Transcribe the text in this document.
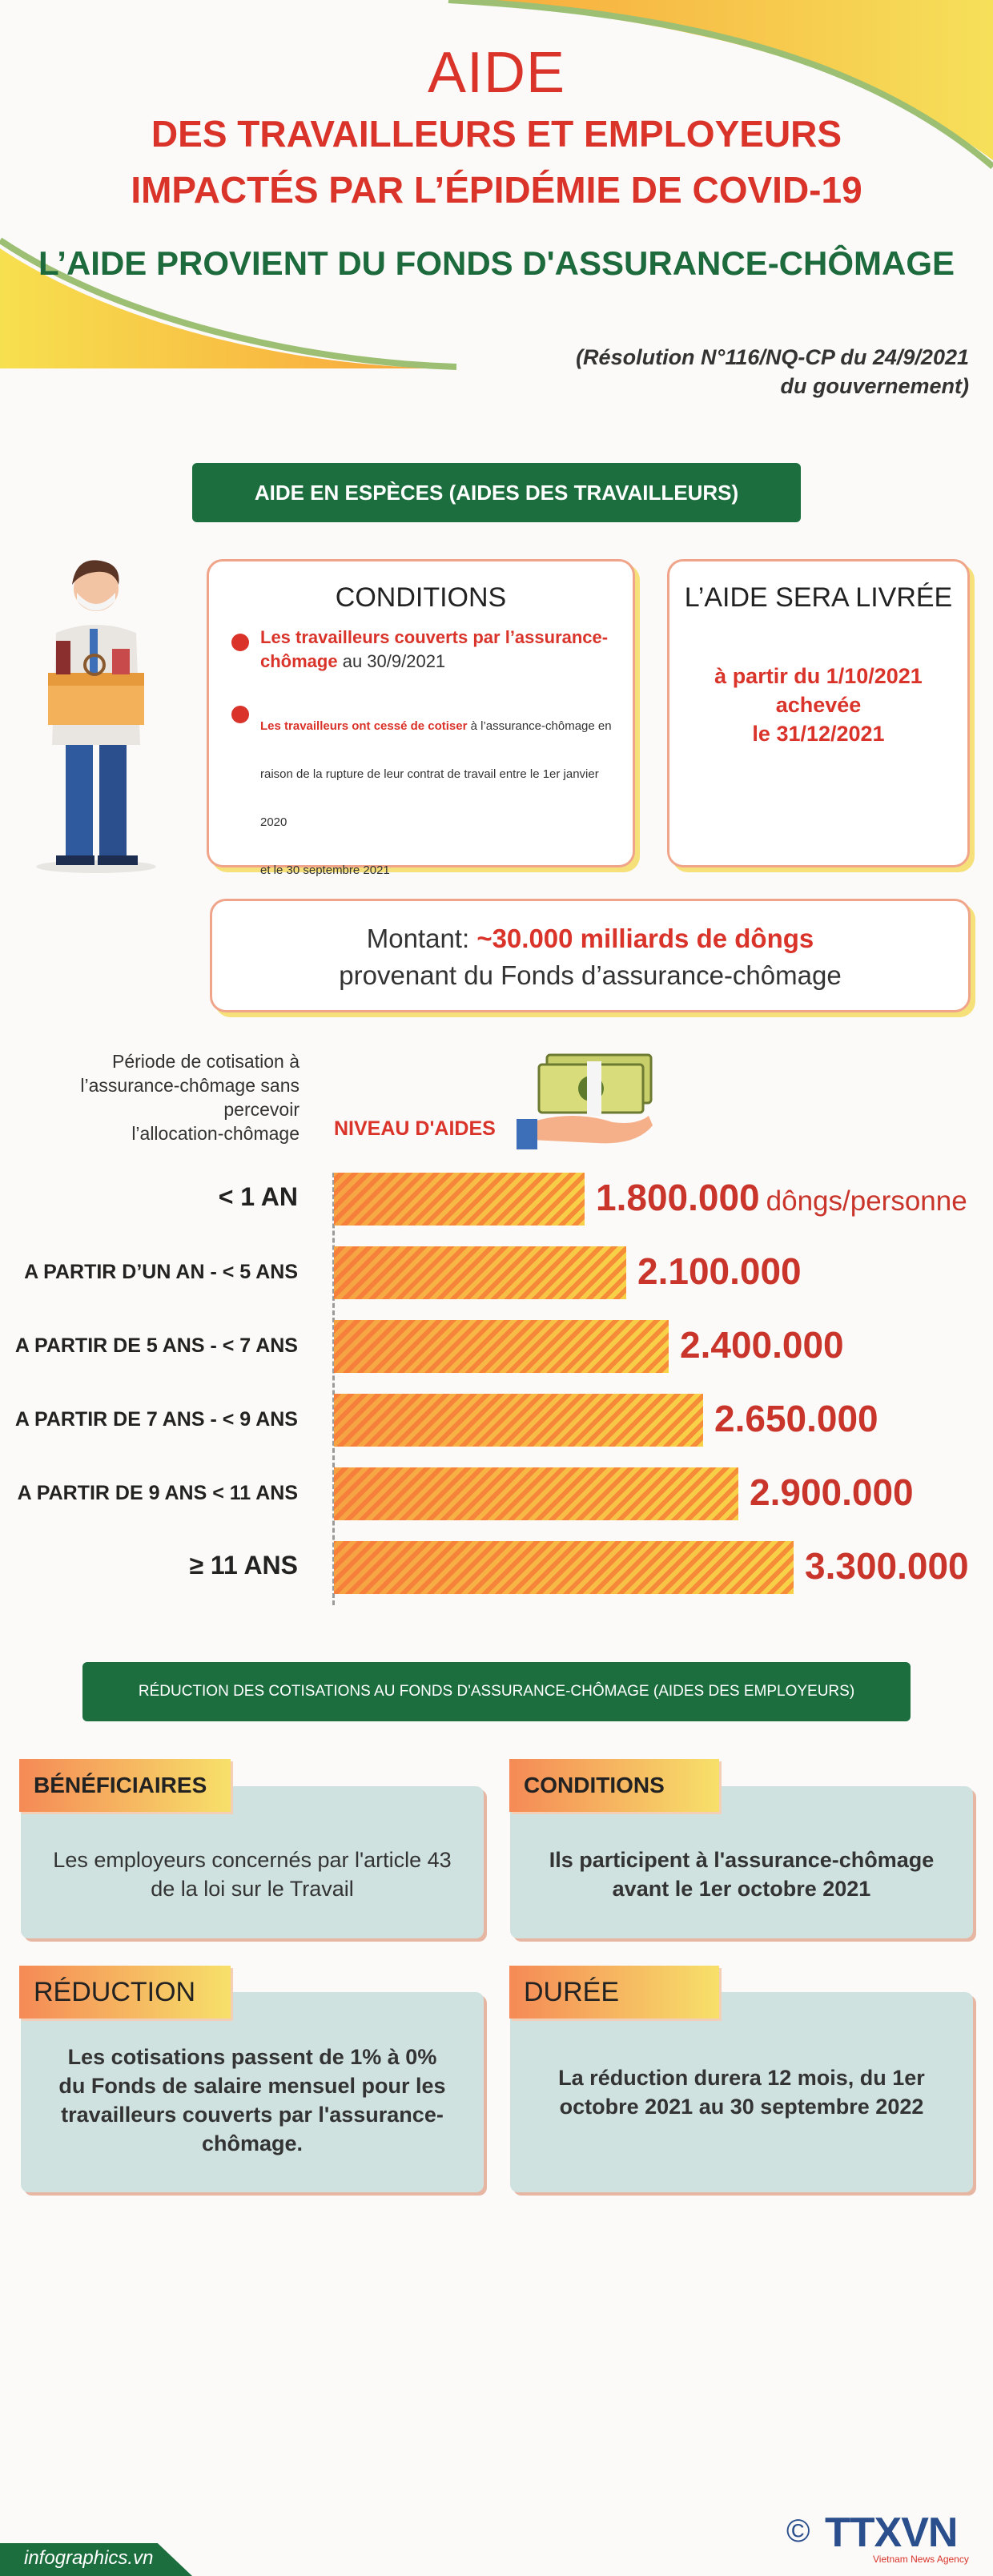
AIDE
DES TRAVAILLEURS ET EMPLOYEURS
IMPACTÉS PAR L’ÉPIDÉMIE DE COVID-19
L’AIDE PROVIENT DU FONDS D'ASSURANCE-CHÔMAGE
(Résolution N°116/NQ-CP du 24/9/2021
du gouvernement)
AIDE EN ESPÈCES (AIDES DES TRAVAILLEURS)
CONDITIONS
Les travailleurs couverts par l’assurance-chômage au 30/9/2021
Les travailleurs ont cessé de cotiser à l’assurance-chômage en
raison de la rupture de leur contrat de travail entre le 1er janvier 2020
et le 30 septembre 2021
L’AIDE SERA LIVRÉE
à partir du 1/10/2021
achevée
le 31/12/2021
Montant: ~30.000 milliards de dôngs
provenant du Fonds d’assurance-chômage
Période de cotisation à
l’assurance-chômage sans
percevoir
l’allocation-chômage NIVEAU D'AIDES
< 1 AN	1.800.000 dôngs/personne
A PARTIR D’UN AN - < 5 ANS	2.100.000
A PARTIR DE 5 ANS - < 7 ANS	2.400.000
A PARTIR DE 7 ANS - < 9 ANS	2.650.000
A PARTIR DE 9 ANS < 11 ANS	2.900.000
≥ 11 ANS	3.300.000
RÉDUCTION DES COTISATIONS AU FONDS D'ASSURANCE-CHÔMAGE (AIDES DES EMPLOYEURS)
Les employeurs concernés par l'article 43 de la loi sur le Travail
BÉNÉFICIAIRES
Ils participent à l'assurance-chômage avant le 1er octobre 2021
CONDITIONS
Les cotisations passent de 1% à 0% du Fonds de salaire mensuel pour les travailleurs couverts par l'assurance-chômage.
RÉDUCTION
La réduction durera 12 mois, du 1er octobre 2021 au 30 septembre 2022
DURÉE
infographics.vn
© TTXVN
Vietnam News Agency
